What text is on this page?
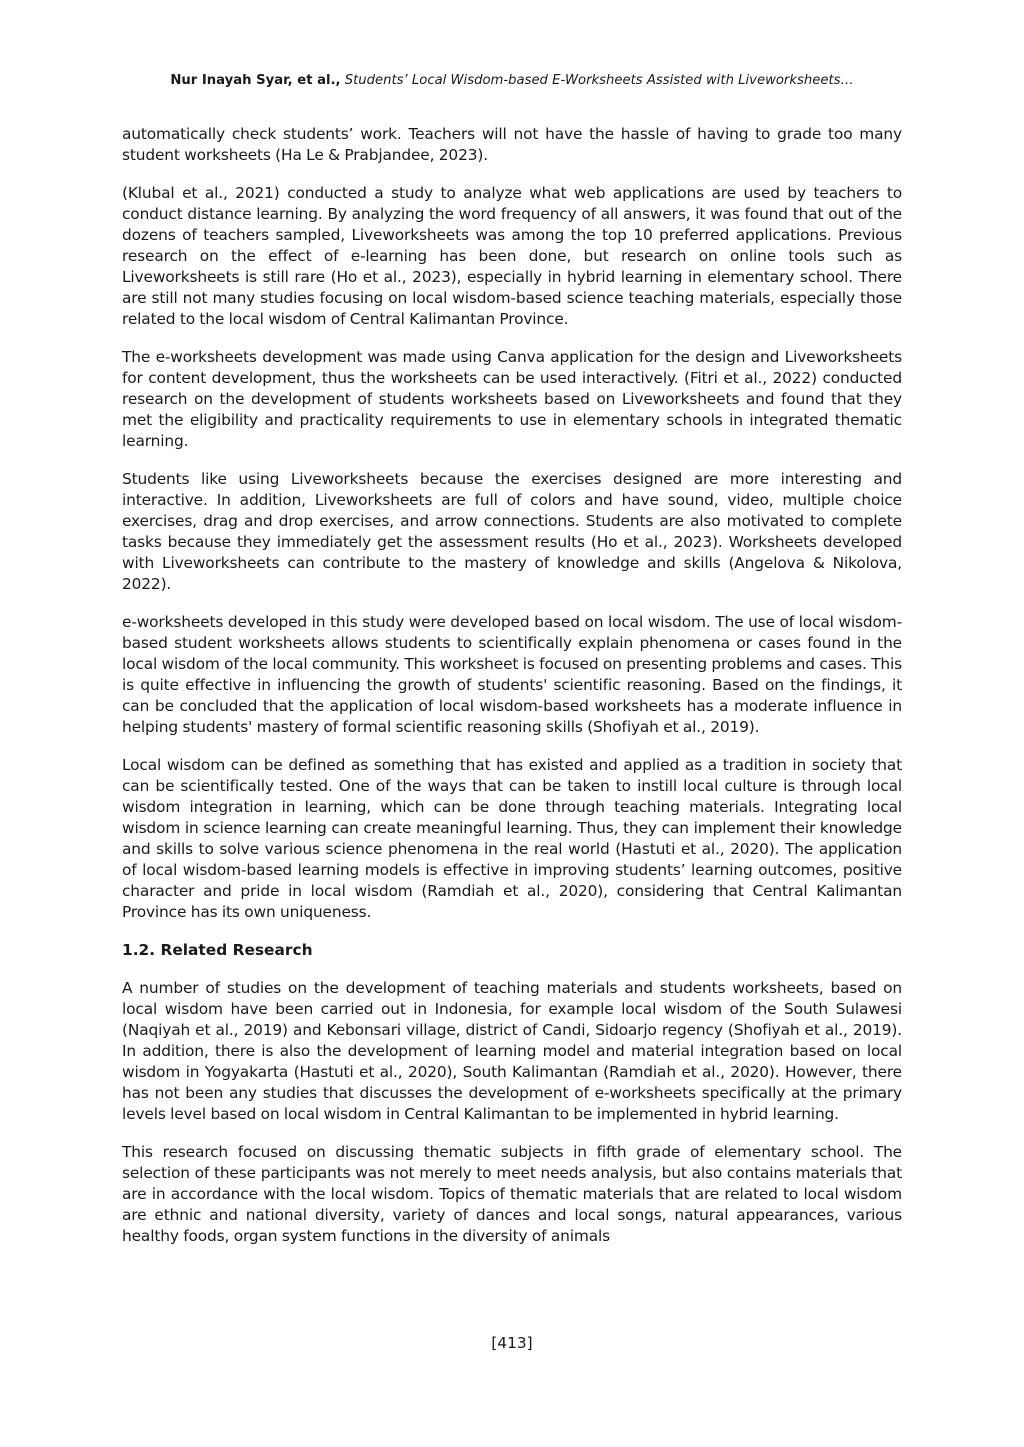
Nur Inayah Syar, et al., Students’ Local Wisdom-based E-Worksheets Assisted with Liveworksheets…

automatically check students’ work. Teachers will not have the hassle of having to grade too many student worksheets (Ha Le & Prabjandee, 2023).

(Klubal et al., 2021) conducted a study to analyze what web applications are used by teachers to conduct distance learning. By analyzing the word frequency of all answers, it was found that out of the dozens of teachers sampled, Liveworksheets was among the top 10 preferred applications. Previous research on the effect of e-learning has been done, but research on online tools such as Liveworksheets is still rare (Ho et al., 2023), especially in hybrid learning in elementary school. There are still not many studies focusing on local wisdom-based science teaching materials, especially those related to the local wisdom of Central Kalimantan Province.

The e-worksheets development was made using Canva application for the design and Liveworksheets for content development, thus the worksheets can be used interactively. (Fitri et al., 2022) conducted research on the development of students worksheets based on Liveworksheets and found that they met the eligibility and practicality requirements to use in elementary schools in integrated thematic learning.

Students like using Liveworksheets because the exercises designed are more interesting and interactive. In addition, Liveworksheets are full of colors and have sound, video, multiple choice exercises, drag and drop exercises, and arrow connections. Students are also motivated to complete tasks because they immediately get the assessment results (Ho et al., 2023). Worksheets developed with Liveworksheets can contribute to the mastery of knowledge and skills (Angelova & Nikolova, 2022).

e-worksheets developed in this study were developed based on local wisdom. The use of local wisdom-based student worksheets allows students to scientifically explain phenomena or cases found in the local wisdom of the local community. This worksheet is focused on presenting problems and cases. This is quite effective in influencing the growth of students' scientific reasoning. Based on the findings, it can be concluded that the application of local wisdom-based worksheets has a moderate influence in helping students' mastery of formal scientific reasoning skills (Shofiyah et al., 2019).

Local wisdom can be defined as something that has existed and applied as a tradition in society that can be scientifically tested. One of the ways that can be taken to instill local culture is through local wisdom integration in learning, which can be done through teaching materials. Integrating local wisdom in science learning can create meaningful learning. Thus, they can implement their knowledge and skills to solve various science phenomena in the real world (Hastuti et al., 2020). The application of local wisdom-based learning models is effective in improving students’ learning outcomes, positive character and pride in local wisdom (Ramdiah et al., 2020), considering that Central Kalimantan Province has its own uniqueness.

1.2. Related Research

A number of studies on the development of teaching materials and students worksheets, based on local wisdom have been carried out in Indonesia, for example local wisdom of the South Sulawesi (Naqiyah et al., 2019) and Kebonsari village, district of Candi, Sidoarjo regency (Shofiyah et al., 2019). In addition, there is also the development of learning model and material integration based on local wisdom in Yogyakarta (Hastuti et al., 2020), South Kalimantan (Ramdiah et al., 2020). However, there has not been any studies that discusses the development of e-worksheets specifically at the primary levels level based on local wisdom in Central Kalimantan to be implemented in hybrid learning.

This research focused on discussing thematic subjects in fifth grade of elementary school. The selection of these participants was not merely to meet needs analysis, but also contains materials that are in accordance with the local wisdom. Topics of thematic materials that are related to local wisdom are ethnic and national diversity, variety of dances and local songs, natural appearances, various healthy foods, organ system functions in the diversity of animals

[413]
